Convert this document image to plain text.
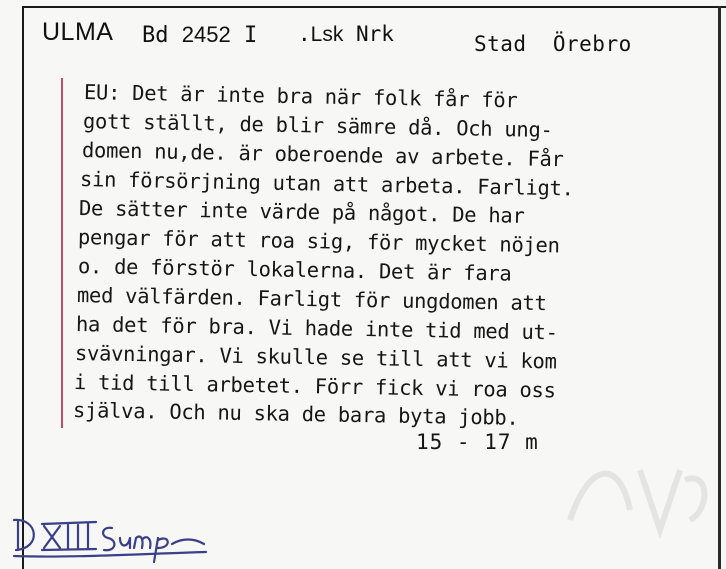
ULMA Bd 2452 I .Lsk Nrk	Stad Örebro
EU: Det är inte bra när folk får för
gott ställt, de blir sämre då. Och ung-
domen nu,de. är oberoende av arbete. Får
sin försörjning utan att arbeta. Farligt.
De sätter inte värde på något. De har
pengar för att roa sig, för mycket nöjen
o. de förstör lokalerna. Det är fara
med välfärden. Farligt för ungdomen att
ha det för bra. Vi hade inte tid med ut-
svävningar. Vi skulle se till att vi kom
i tid till arbetet. Förr fick vi roa oss
själva. Och nu ska de bara byta jobb.
15 - 17 m
